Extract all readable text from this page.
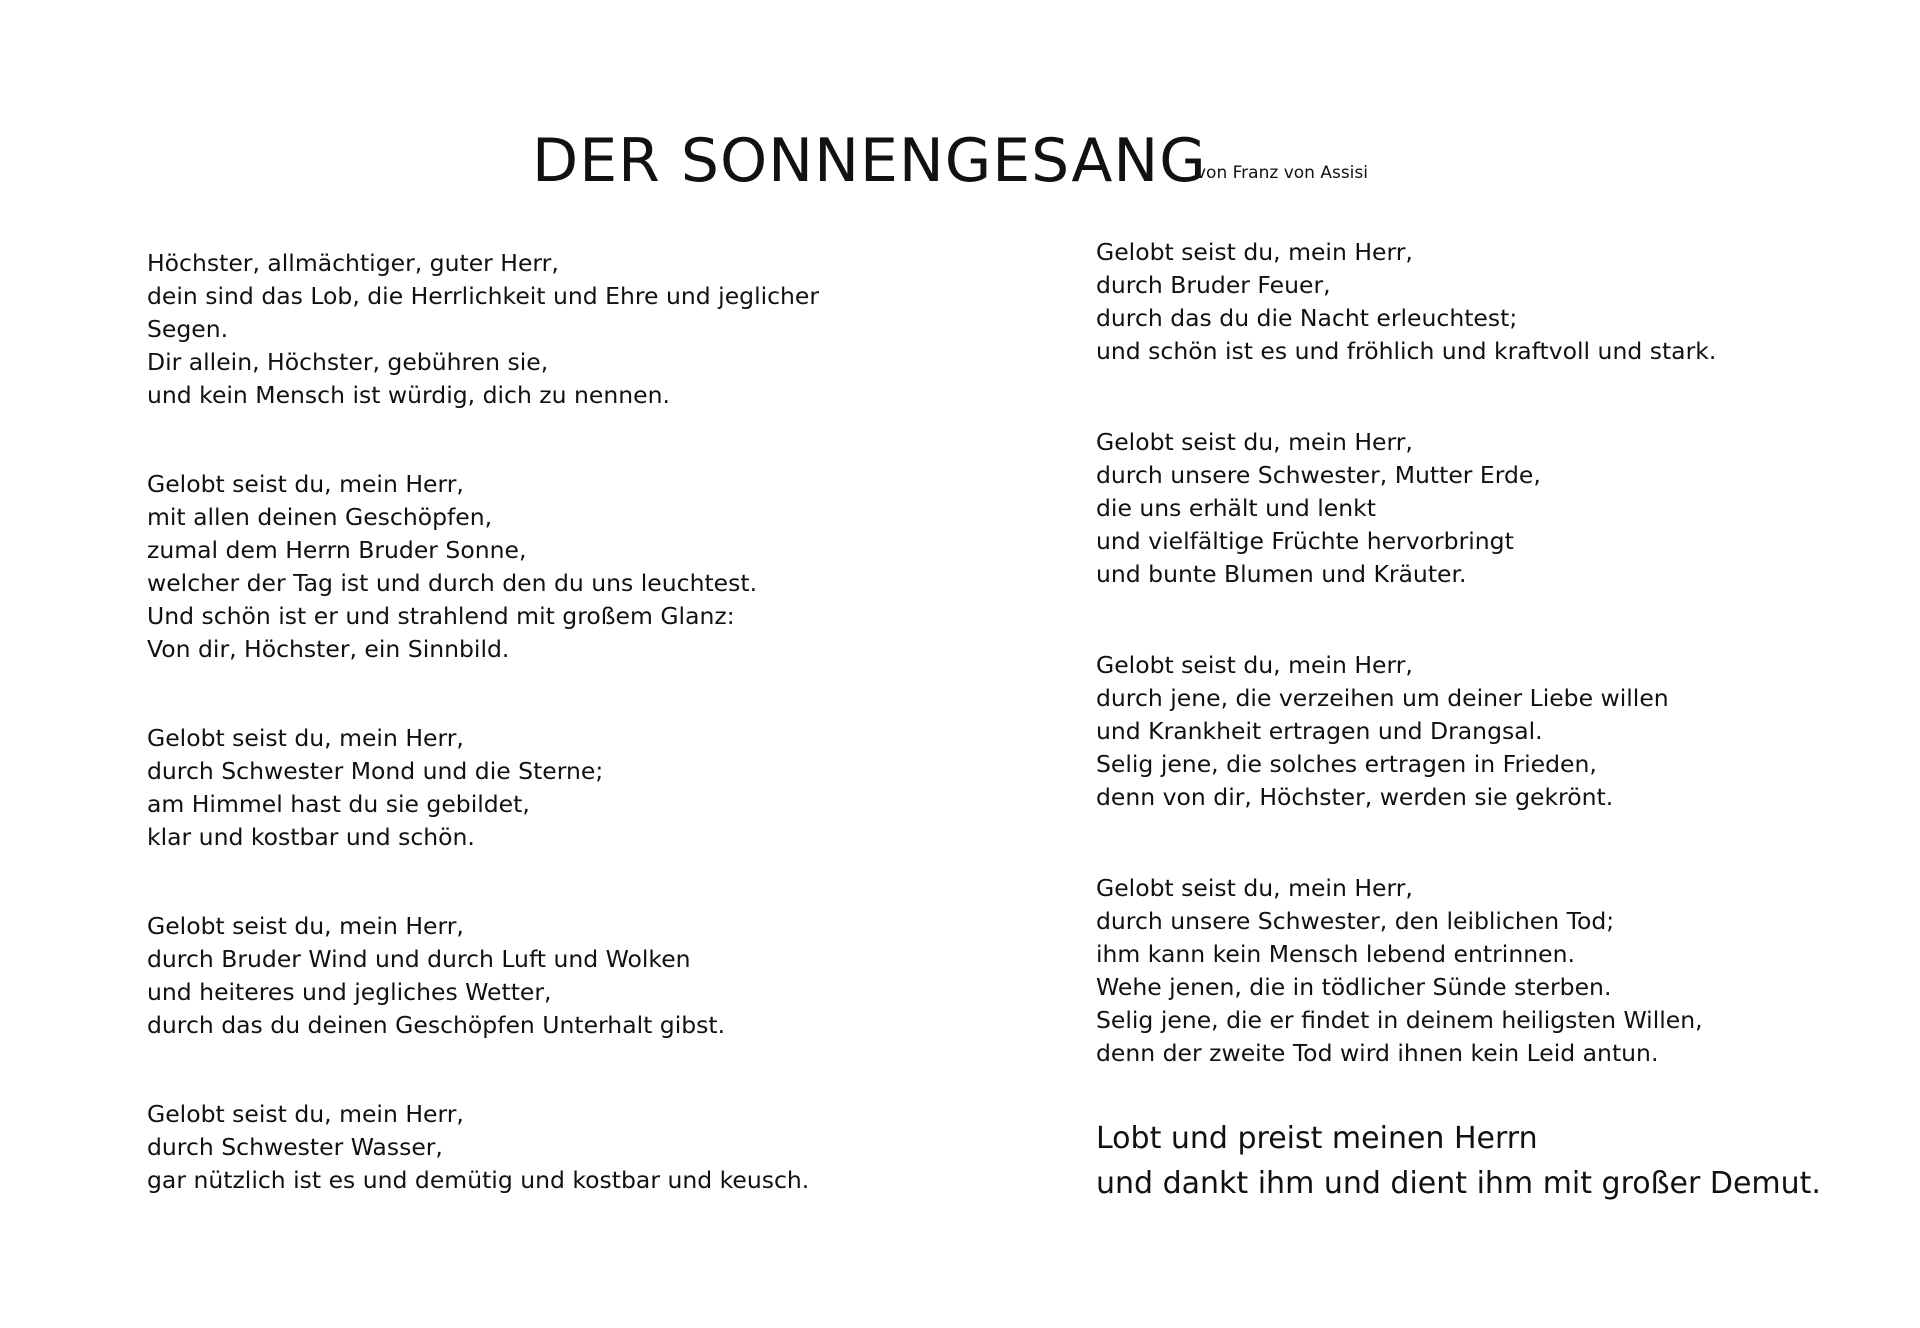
DER SONNENGESANG
von Franz von Assisi
Höchster, allmächtiger, guter Herr,
dein sind das Lob, die Herrlichkeit und Ehre und jeglicher
Segen.
Dir allein, Höchster, gebühren sie,
und kein Mensch ist würdig, dich zu nennen.
Gelobt seist du, mein Herr,
mit allen deinen Geschöpfen,
zumal dem Herrn Bruder Sonne,
welcher der Tag ist und durch den du uns leuchtest.
Und schön ist er und strahlend mit großem Glanz:
Von dir, Höchster, ein Sinnbild.
Gelobt seist du, mein Herr,
durch Schwester Mond und die Sterne;
am Himmel hast du sie gebildet,
klar und kostbar und schön.
Gelobt seist du, mein Herr,
durch Bruder Wind und durch Luft und Wolken
und heiteres und jegliches Wetter,
durch das du deinen Geschöpfen Unterhalt gibst.
Gelobt seist du, mein Herr,
durch Schwester Wasser,
gar nützlich ist es und demütig und kostbar und keusch.
Gelobt seist du, mein Herr,
durch Bruder Feuer,
durch das du die Nacht erleuchtest;
und schön ist es und fröhlich und kraftvoll und stark.
Gelobt seist du, mein Herr,
durch unsere Schwester, Mutter Erde,
die uns erhält und lenkt
und vielfältige Früchte hervorbringt
und bunte Blumen und Kräuter.
Gelobt seist du, mein Herr,
durch jene, die verzeihen um deiner Liebe willen
und Krankheit ertragen und Drangsal.
Selig jene, die solches ertragen in Frieden,
denn von dir, Höchster, werden sie gekrönt.
Gelobt seist du, mein Herr,
durch unsere Schwester, den leiblichen Tod;
ihm kann kein Mensch lebend entrinnen.
Wehe jenen, die in tödlicher Sünde sterben.
Selig jene, die er findet in deinem heiligsten Willen,
denn der zweite Tod wird ihnen kein Leid antun.
Lobt und preist meinen Herrn
und dankt ihm und dient ihm mit großer Demut.
